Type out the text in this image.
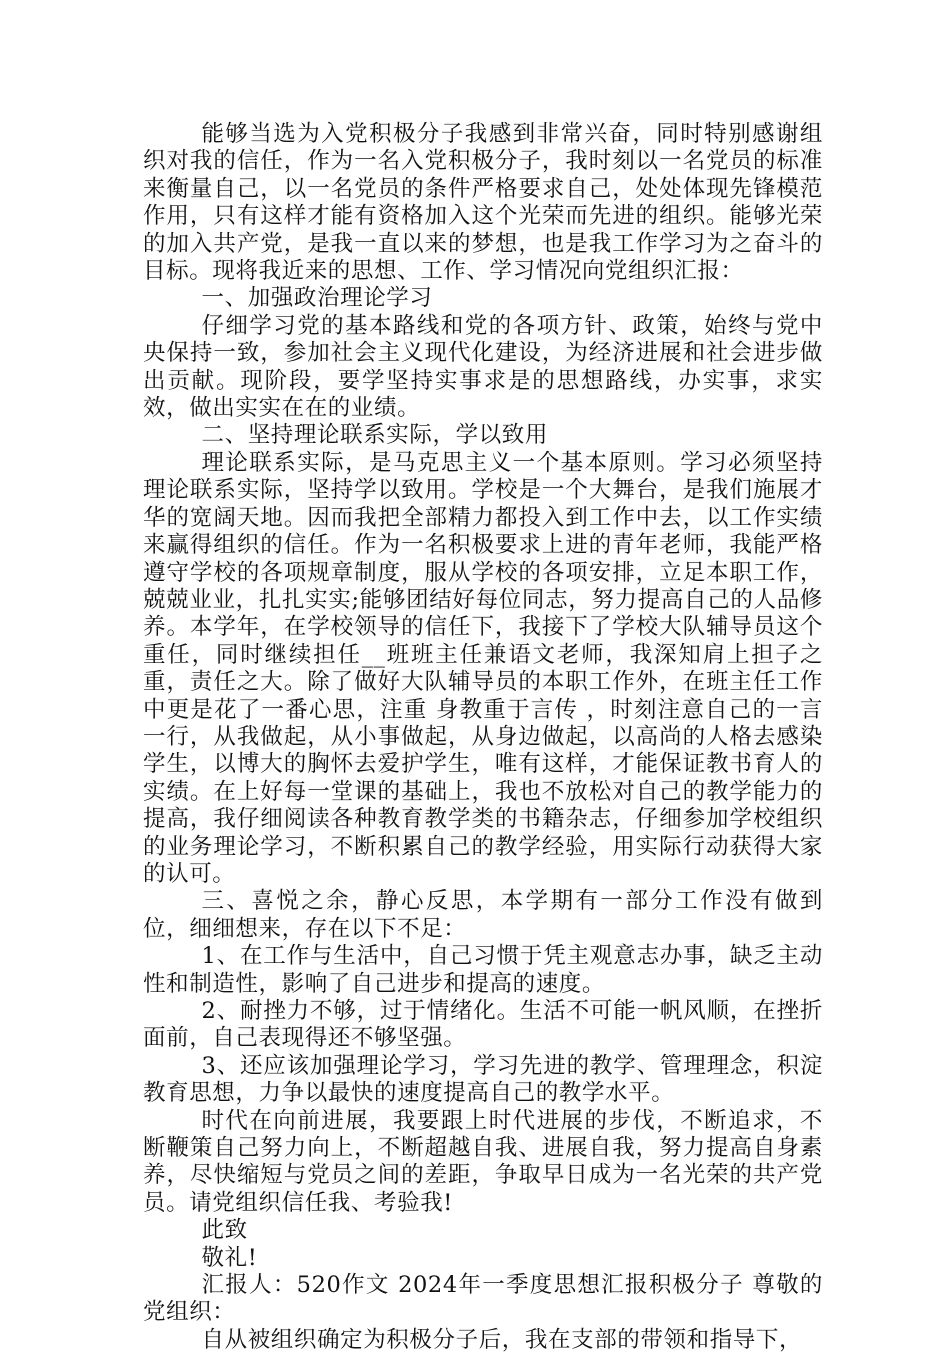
能够当选为入党积极分子我感到非常兴奋，同时特别感谢组织对我的信任，作为一名入党积极分子，我时刻以一名党员的标准来衡量自己，以一名党员的条件严格要求自己，处处体现先锋模范作用，只有这样才能有资格加入这个光荣而先进的组织。能够光荣的加入共产党，是我一直以来的梦想，也是我工作学习为之奋斗的目标。现将我近来的思想、工作、学习情况向党组织汇报：

一、加强政治理论学习

仔细学习党的基本路线和党的各项方针、政策，始终与党中央保持一致，参加社会主义现代化建设，为经济进展和社会进步做出贡献。现阶段，要学坚持实事求是的思想路线，办实事，求实效，做出实实在在的业绩。

二、坚持理论联系实际，学以致用

理论联系实际，是马克思主义一个基本原则。学习必须坚持理论联系实际，坚持学以致用。学校是一个大舞台，是我们施展才华的宽阔天地。因而我把全部精力都投入到工作中去，以工作实绩来赢得组织的信任。作为一名积极要求上进的青年老师，我能严格遵守学校的各项规章制度，服从学校的各项安排，立足本职工作，兢兢业业，扎扎实实;能够团结好每位同志，努力提高自己的人品修养。本学年，在学校领导的信任下，我接下了学校大队辅导员这个重任，同时继续担任__班班主任兼语文老师，我深知肩上担子之重，责任之大。除了做好大队辅导员的本职工作外，在班主任工作中更是花了一番心思，注重 身教重于言传 ，时刻注意自己的一言一行，从我做起，从小事做起，从身边做起，以高尚的人格去感染学生，以博大的胸怀去爱护学生，唯有这样，才能保证教书育人的实绩。在上好每一堂课的基础上，我也不放松对自己的教学能力的提高，我仔细阅读各种教育教学类的书籍杂志，仔细参加学校组织的业务理论学习，不断积累自己的教学经验，用实际行动获得大家的认可。

三、喜悦之余，静心反思，本学期有一部分工作没有做到位，细细想来，存在以下不足：

1、在工作与生活中，自己习惯于凭主观意志办事，缺乏主动性和制造性，影响了自己进步和提高的速度。

2、耐挫力不够，过于情绪化。生活不可能一帆风顺，在挫折面前，自己表现得还不够坚强。

3、还应该加强理论学习，学习先进的教学、管理理念，积淀教育思想，力争以最快的速度提高自己的教学水平。

时代在向前进展，我要跟上时代进展的步伐，不断追求，不断鞭策自己努力向上，不断超越自我、进展自我，努力提高自身素养，尽快缩短与党员之间的差距，争取早日成为一名光荣的共产党员。请党组织信任我、考验我!

此致

敬礼!

汇报人：520作文 2024年一季度思想汇报积极分子 尊敬的党组织：

自从被组织确定为积极分子后，我在支部的带领和指导下，
